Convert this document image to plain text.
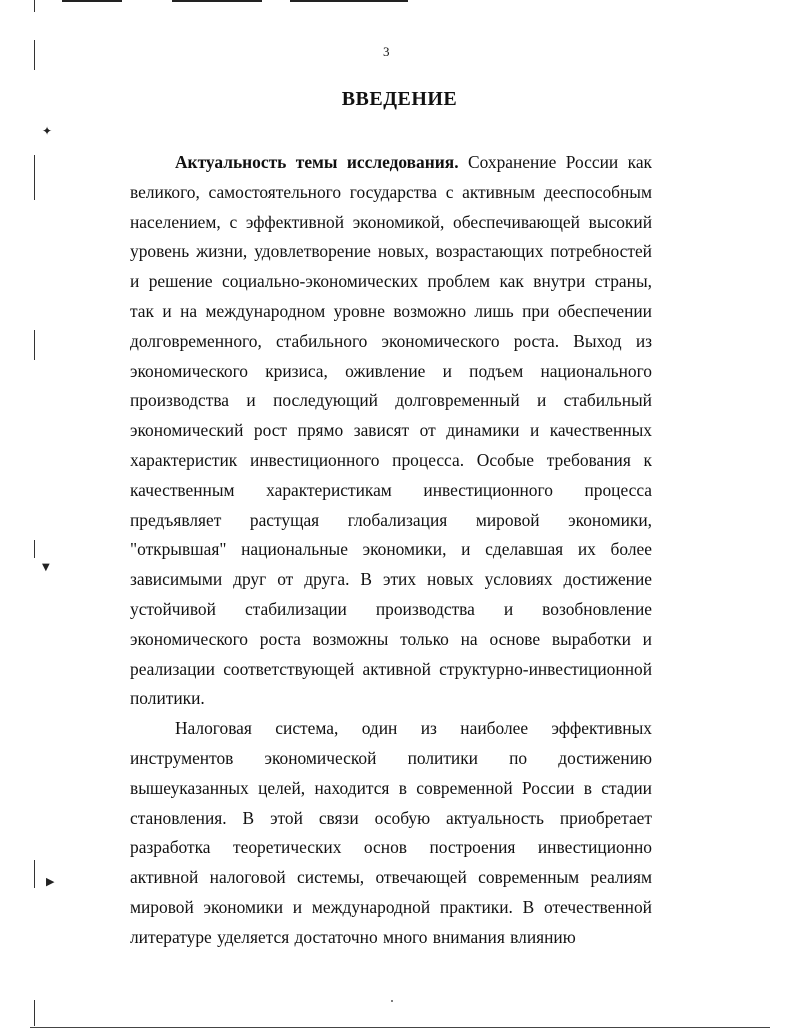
✦
▼
▶
3
ВВЕДЕНИЕ

Актуальность темы исследования. Сохранение России как великого, самостоятельного государства с активным дееспособным населением, с эффективной экономикой, обеспечивающей высокий уровень жизни, удовлетворение новых, возрастающих потребностей и решение социально-экономических проблем как внутри страны, так и на международном уровне возможно лишь при обеспечении долговременного, стабильного экономического роста. Выход из экономического кризиса, оживление и подъем национального производства и последующий долговременный и стабильный экономический рост прямо зависят от динамики и качественных характеристик инвестиционного процесса. Особые требования к качественным характеристикам инвестиционного процесса предъявляет растущая глобализация мировой экономики, "открывшая" национальные экономики, и сделавшая их более зависимыми друг от друга. В этих новых условиях достижение устойчивой стабилизации производства и возобновление экономического роста возможны только на основе выработки и реализации соответствующей активной структурно-инвестиционной политики.

Налоговая система, один из наиболее эффективных инструментов экономической политики по достижению вышеуказанных целей, находится в современной России в стадии становления. В этой связи особую актуальность приобретает разработка теоретических основ построения инвестиционно активной налоговой системы, отвечающей современным реалиям мировой экономики и международной практики. В отечественной литературе уделяется достаточно много внимания влиянию
